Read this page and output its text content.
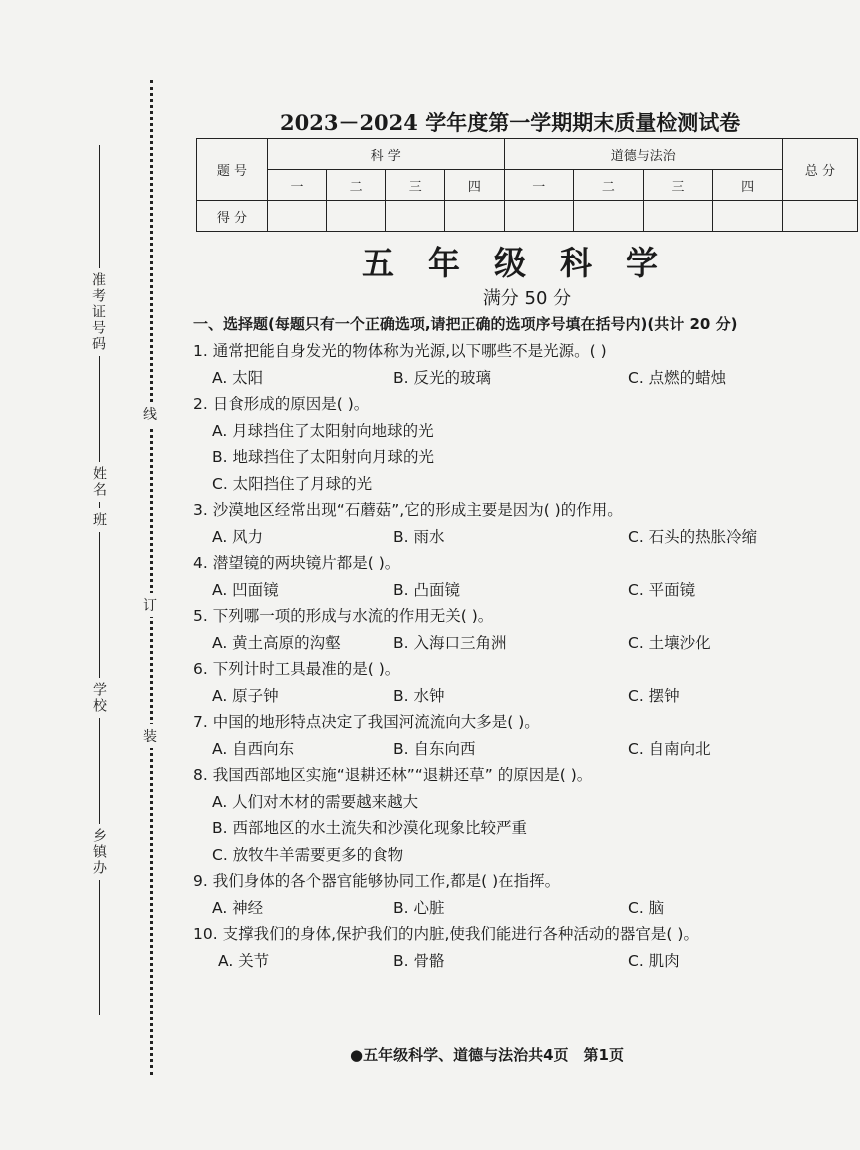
准考证号码
线
班
姓名
订
学校
装
乡镇办
2023－2024 学年度第一学期期末质量检测试卷
题 号	科 学				道德与法治				总 分
	一	二	三	四	一	二	三	四	
得 分									
五年级科学
满分 50 分
一、选择题(每题只有一个正确选项,请把正确的选项序号填在括号内)(共计 20 分)
1. 通常把能自身发光的物体称为光源,以下哪些不是光源。( )
A. 太阳	B. 反光的玻璃	C. 点燃的蜡烛
2. 日食形成的原因是( )。
A. 月球挡住了太阳射向地球的光
B. 地球挡住了太阳射向月球的光
C. 太阳挡住了月球的光
3. 沙漠地区经常出现“石蘑菇”,它的形成主要是因为( )的作用。
A. 风力	B. 雨水	C. 石头的热胀冷缩
4. 潜望镜的两块镜片都是( )。
A. 凹面镜	B. 凸面镜	C. 平面镜
5. 下列哪一项的形成与水流的作用无关( )。
A. 黄土高原的沟壑	B. 入海口三角洲	C. 土壤沙化
6. 下列计时工具最准的是( )。
A. 原子钟	B. 水钟	C. 摆钟
7. 中国的地形特点决定了我国河流流向大多是( )。
A. 自西向东	B. 自东向西	C. 自南向北
8. 我国西部地区实施“退耕还林”“退耕还草” 的原因是( )。
A. 人们对木材的需要越来越大
B. 西部地区的水土流失和沙漠化现象比较严重
C. 放牧牛羊需要更多的食物
9. 我们身体的各个器官能够协同工作,都是( )在指挥。
A. 神经	B. 心脏	C. 脑
10. 支撑我们的身体,保护我们的内脏,使我们能进行各种活动的器官是( )。
A. 关节	B. 骨骼	C. 肌肉
●五年级科学、道德与法治共4页　第1页
